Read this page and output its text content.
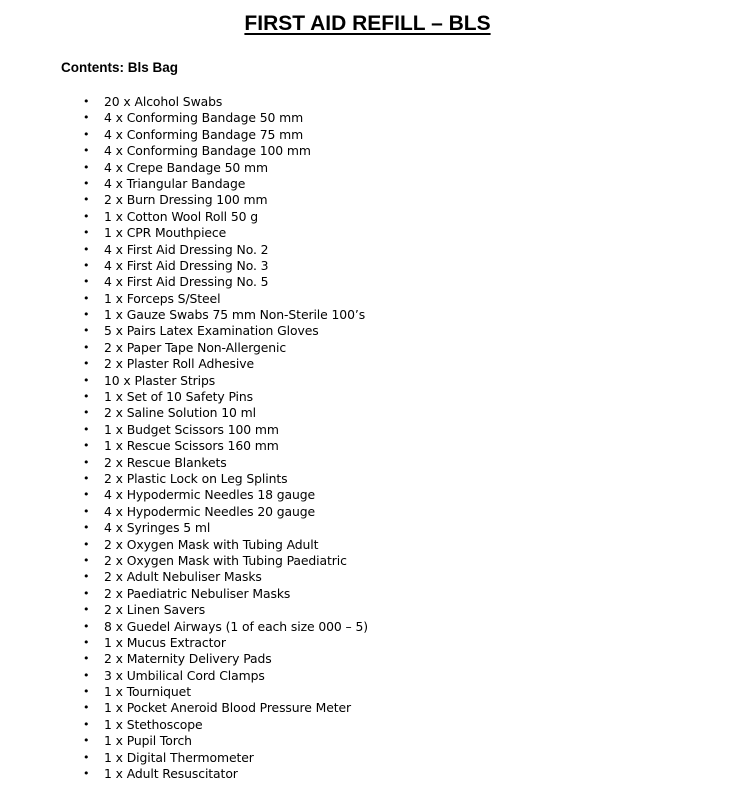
FIRST AID REFILL – BLS
Contents: Bls Bag
• 20 x Alcohol Swabs
• 4 x Conforming Bandage 50 mm
• 4 x Conforming Bandage 75 mm
• 4 x Conforming Bandage 100 mm
• 4 x Crepe Bandage 50 mm
• 4 x Triangular Bandage
• 2 x Burn Dressing 100 mm
• 1 x Cotton Wool Roll 50 g
• 1 x CPR Mouthpiece
• 4 x First Aid Dressing No. 2
• 4 x First Aid Dressing No. 3
• 4 x First Aid Dressing No. 5
• 1 x Forceps S/Steel
• 1 x Gauze Swabs 75 mm Non-Sterile 100’s
• 5 x Pairs Latex Examination Gloves
• 2 x Paper Tape Non-Allergenic
• 2 x Plaster Roll Adhesive
• 10 x Plaster Strips
• 1 x Set of 10 Safety Pins
• 2 x Saline Solution 10 ml
• 1 x Budget Scissors 100 mm
• 1 x Rescue Scissors 160 mm
• 2 x Rescue Blankets
• 2 x Plastic Lock on Leg Splints
• 4 x Hypodermic Needles 18 gauge
• 4 x Hypodermic Needles 20 gauge
• 4 x Syringes 5 ml
• 2 x Oxygen Mask with Tubing Adult
• 2 x Oxygen Mask with Tubing Paediatric
• 2 x Adult Nebuliser Masks
• 2 x Paediatric Nebuliser Masks
• 2 x Linen Savers
• 8 x Guedel Airways (1 of each size 000 – 5)
• 1 x Mucus Extractor
• 2 x Maternity Delivery Pads
• 3 x Umbilical Cord Clamps
• 1 x Tourniquet
• 1 x Pocket Aneroid Blood Pressure Meter
• 1 x Stethoscope
• 1 x Pupil Torch
• 1 x Digital Thermometer
• 1 x Adult Resuscitator
